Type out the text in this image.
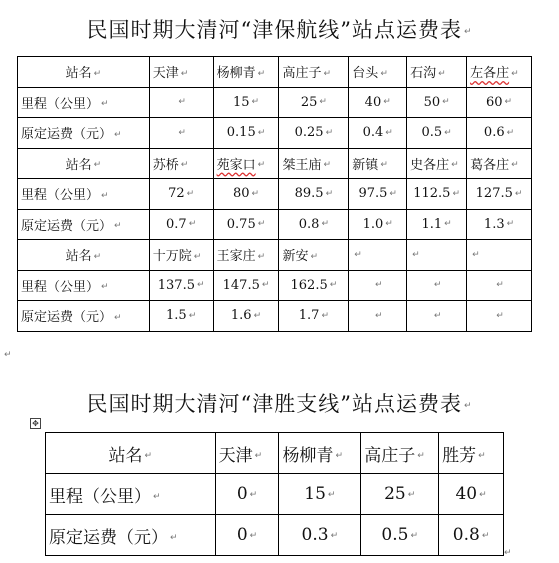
民国时期大清河“津保航线”站点运费表 ↵
站名 ↵	天津 ↵	杨柳青 ↵	高庄子 ↵	台头 ↵	石沟 ↵	左各庄 ↵
里程（公里） ↵	↵	15 ↵	25 ↵	40 ↵	50 ↵	60 ↵
原定运费（元） ↵	↵	0.15 ↵	0.25 ↵	0.4 ↵	0.5 ↵	0.6 ↵
站名 ↵	苏桥 ↵	苑家口 ↵	桀王庙 ↵	新镇 ↵	史各庄 ↵	葛各庄 ↵
里程（公里） ↵	72 ↵	80 ↵	89.5 ↵	97.5 ↵	112.5 ↵	127.5 ↵
原定运费（元） ↵	0.7 ↵	0.75 ↵	0.8 ↵	1.0 ↵	1.1 ↵	1.3 ↵
站名 ↵	十万院 ↵	王家庄 ↵	新安 ↵	↵	↵	↵
里程（公里） ↵	137.5 ↵	147.5 ↵	162.5 ↵	↵	↵	↵
原定运费（元） ↵	1.5 ↵	1.6 ↵	1.7 ↵	↵	↵	↵
↵
民国时期大清河“津胜支线”站点运费表 ↵
✥
站名 ↵	天津 ↵	杨柳青 ↵	高庄子 ↵	胜芳 ↵
里程（公里） ↵	0 ↵	15 ↵	25 ↵	40 ↵
原定运费（元） ↵	0 ↵	0.3 ↵	0.5 ↵	0.8 ↵
↵
